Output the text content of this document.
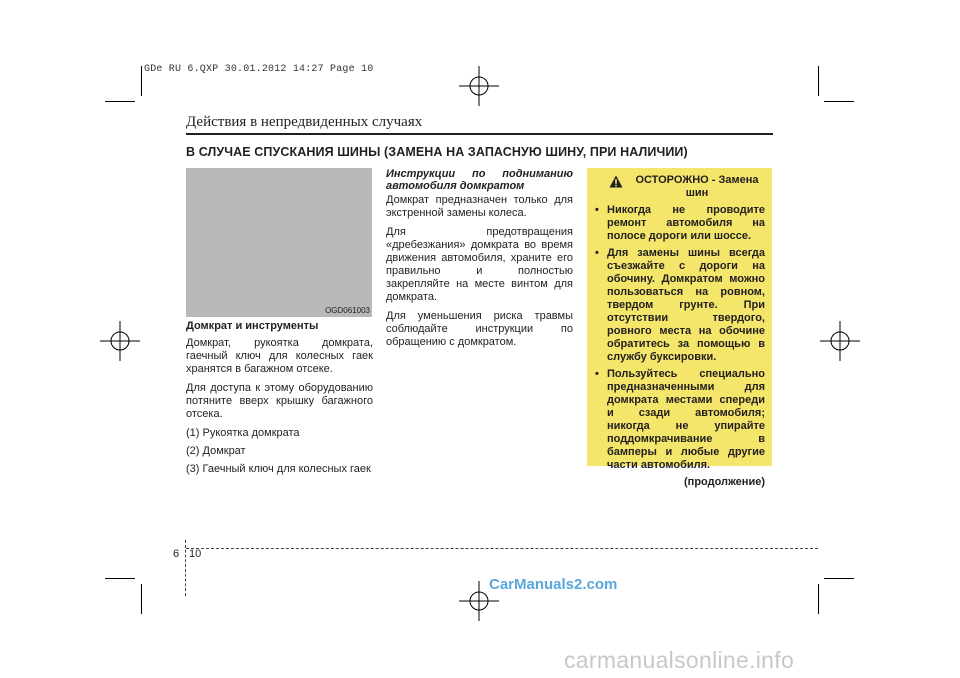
GDe RU 6.QXP 30.01.2012 14:27 Page 10
Действия в непредвиденных случаях
В СЛУЧАЕ СПУСКАНИЯ ШИНЫ (ЗАМЕНА НА ЗАПАСНУЮ ШИНУ, ПРИ НАЛИЧИИ)
OGD061003

Домкрат и инструменты

Домкрат, рукоятка домкрата, гаечный ключ для колесных гаек хранятся в багажном отсеке.

Для доступа к этому оборудованию потяните вверх крышку багажного отсека.

(1) Рукоятка домкрата

(2) Домкрат

(3) Гаечный ключ для колесных гаек

Инструкции по подниманию автомобиля домкратом

Домкрат предназначен только для экстренной замены колеса.

Для предотвращения «дребезжания» домкрата во время движения автомобиля, храните его правильно и полностью закрепляйте на месте винтом для домкрата.

Для уменьшения риска травмы соблюдайте инструкции по обращению с домкратом.

ОСТОРОЖНО - Замена шин
• Никогда не проводите ремонт автомобиля на полосе дороги или шоссе.
• Для замены шины всегда съезжайте с дороги на обочину. Домкратом можно пользоваться на ровном, твердом грунте. При отсутствии твердого, ровного места на обочине обратитесь за помощью в службу буксировки.
• Пользуйтесь специально предназначенными для домкрата местами спереди и сзади автомобиля; никогда не упирайте поддомкрачивание в бамперы и любые другие части автомобиля.
(продолжение)
6 10
CarManuals2.com
carmanualsonline.info
